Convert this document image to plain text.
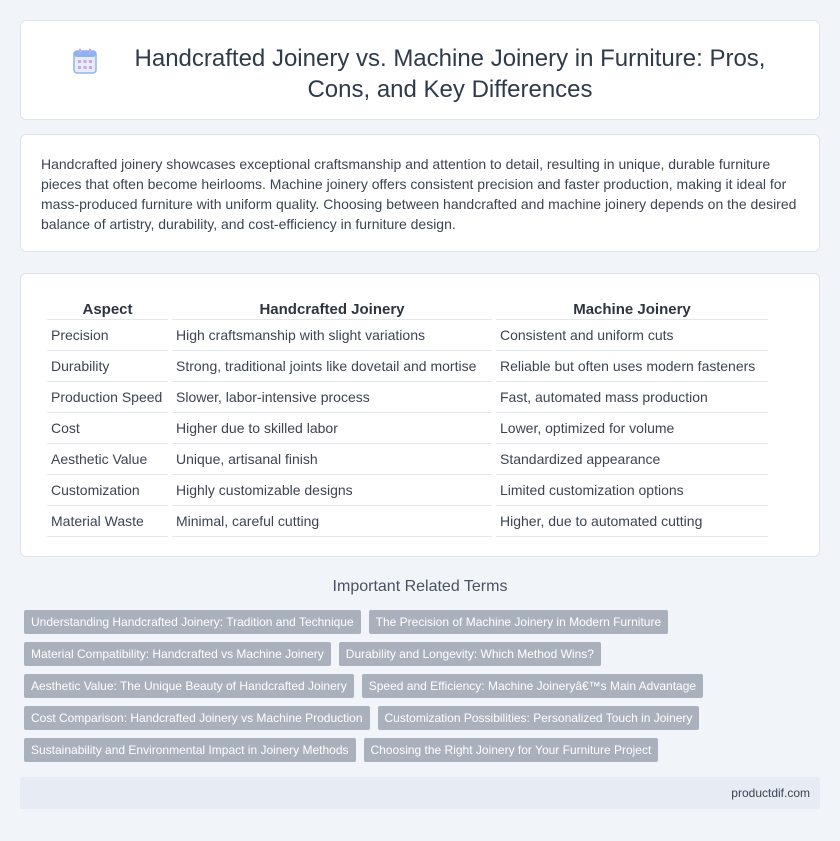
Handcrafted Joinery vs. Machine Joinery in Furniture: Pros, Cons, and Key Differences

Handcrafted joinery showcases exceptional craftsmanship and attention to detail, resulting in unique, durable furniture pieces that often become heirlooms. Machine joinery offers consistent precision and faster production, making it ideal for mass-produced furniture with uniform quality. Choosing between handcrafted and machine joinery depends on the desired balance of artistry, durability, and cost-efficiency in furniture design.

Aspect	Handcrafted Joinery	Machine Joinery
Precision	High craftsmanship with slight variations	Consistent and uniform cuts
Durability	Strong, traditional joints like dovetail and mortise	Reliable but often uses modern fasteners
Production Speed	Slower, labor-intensive process	Fast, automated mass production
Cost	Higher due to skilled labor	Lower, optimized for volume
Aesthetic Value	Unique, artisanal finish	Standardized appearance
Customization	Highly customizable designs	Limited customization options
Material Waste	Minimal, careful cutting	Higher, due to automated cutting
Important Related Terms
Understanding Handcrafted Joinery: Tradition and Technique	The Precision of Machine Joinery in Modern Furniture
Material Compatibility: Handcrafted vs Machine Joinery	Durability and Longevity: Which Method Wins?
Aesthetic Value: The Unique Beauty of Handcrafted Joinery	Speed and Efficiency: Machine Joineryâ€™s Main Advantage
Cost Comparison: Handcrafted Joinery vs Machine Production	Customization Possibilities: Personalized Touch in Joinery
Sustainability and Environmental Impact in Joinery Methods	Choosing the Right Joinery for Your Furniture Project
productdif.com
